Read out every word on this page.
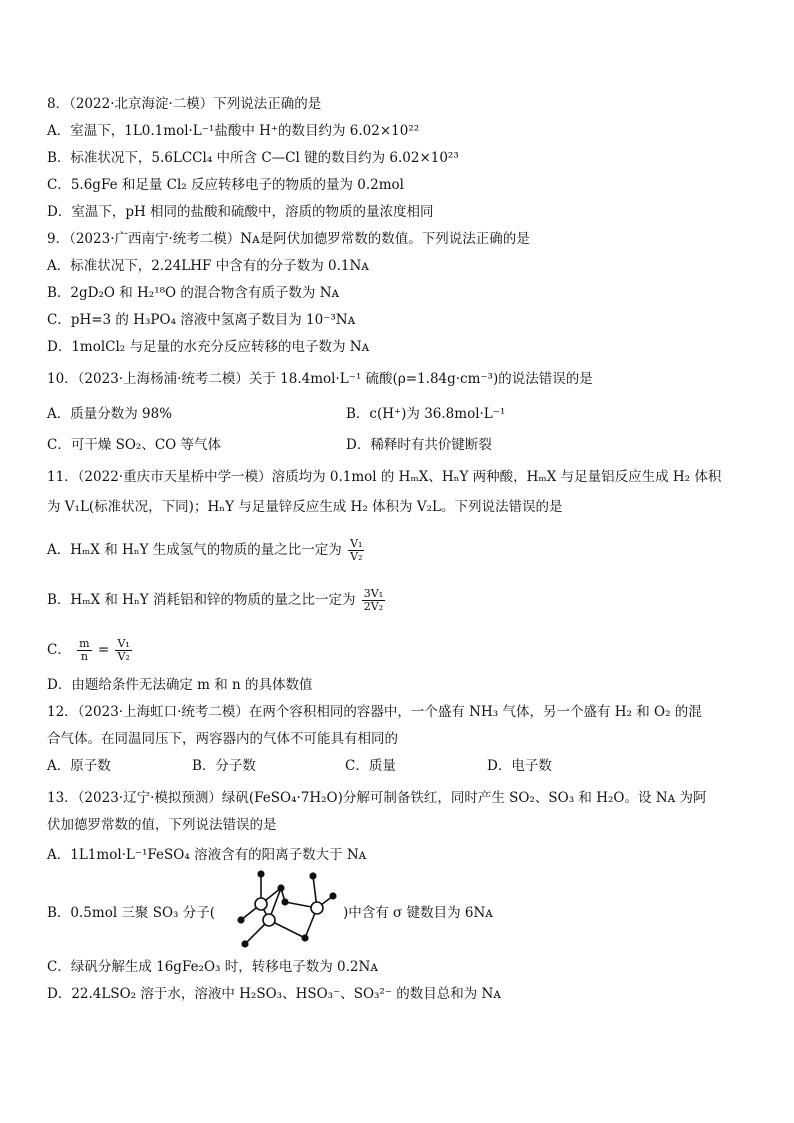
8．（2022·北京海淀·二模）下列说法正确的是
A．室温下，1L0.1mol·L⁻¹盐酸中 H⁺的数目约为 6.02×10²²
B．标准状况下，5.6LCCl₄ 中所含 C—Cl 键的数目约为 6.02×10²³
C．5.6gFe 和足量 Cl₂ 反应转移电子的物质的量为 0.2mol
D．室温下，pH 相同的盐酸和硫酸中，溶质的物质的量浓度相同
9．（2023·广西南宁·统考二模）Nᴀ是阿伏加德罗常数的数值。下列说法正确的是
A．标准状况下，2.24LHF 中含有的分子数为 0.1Nᴀ
B．2gD₂O 和 H₂¹⁸O 的混合物含有质子数为 Nᴀ
C．pH=3 的 H₃PO₄ 溶液中氢离子数目为 10⁻³Nᴀ
D．1molCl₂ 与足量的水充分反应转移的电子数为 Nᴀ
10．（2023·上海杨浦·统考二模）关于 18.4mol·L⁻¹ 硫酸(ρ=1.84g·cm⁻³)的说法错误的是
A．质量分数为 98%	B．c(H⁺)为 36.8mol·L⁻¹
C．可干燥 SO₂、CO 等气体	D．稀释时有共价键断裂
11．（2022·重庆市天星桥中学一模）溶质均为 0.1mol 的 HₘX、HₙY 两种酸，HₘX 与足量铝反应生成 H₂ 体积
为 V₁L(标准状况，下同)；HₙY 与足量锌反应生成 H₂ 体积为 V₂L。下列说法错误的是
A．HₘX 和 HₙY 生成氢气的物质的量之比一定为 $\frac{\text{V₁}}{\text{V₂}}$
B．HₘX 和 HₙY 消耗铝和锌的物质的量之比一定为 $\frac{\text{3V₁}}{\text{2V₂}}$
C． $\frac{m}{n} = \frac{\text{V₁}}{\text{V₂}}$
D．由题给条件无法确定 m 和 n 的具体数值
12．（2023·上海虹口·统考二模）在两个容积相同的容器中，一个盛有 NH₃ 气体，另一个盛有 H₂ 和 O₂ 的混
合气体。在同温同压下，两容器内的气体不可能具有相同的
A．原子数	B．分子数	C．质量	D．电子数
13．（2023·辽宁·模拟预测）绿矾(FeSO₄·7H₂O)分解可制备铁红，同时产生 SO₂、SO₃ 和 H₂O。设 Nᴀ 为阿
伏加德罗常数的值，下列说法错误的是
A．1L1mol·L⁻¹FeSO₄ 溶液含有的阳离子数大于 Nᴀ
B．0.5mol 三聚 SO₃ 分子(	)中含有 σ 键数目为 6Nᴀ
C．绿矾分解生成 16gFe₂O₃ 时，转移电子数为 0.2Nᴀ
D．22.4LSO₂ 溶于水，溶液中 H₂SO₃、HSO₃⁻、SO₃²⁻ 的数目总和为 Nᴀ
